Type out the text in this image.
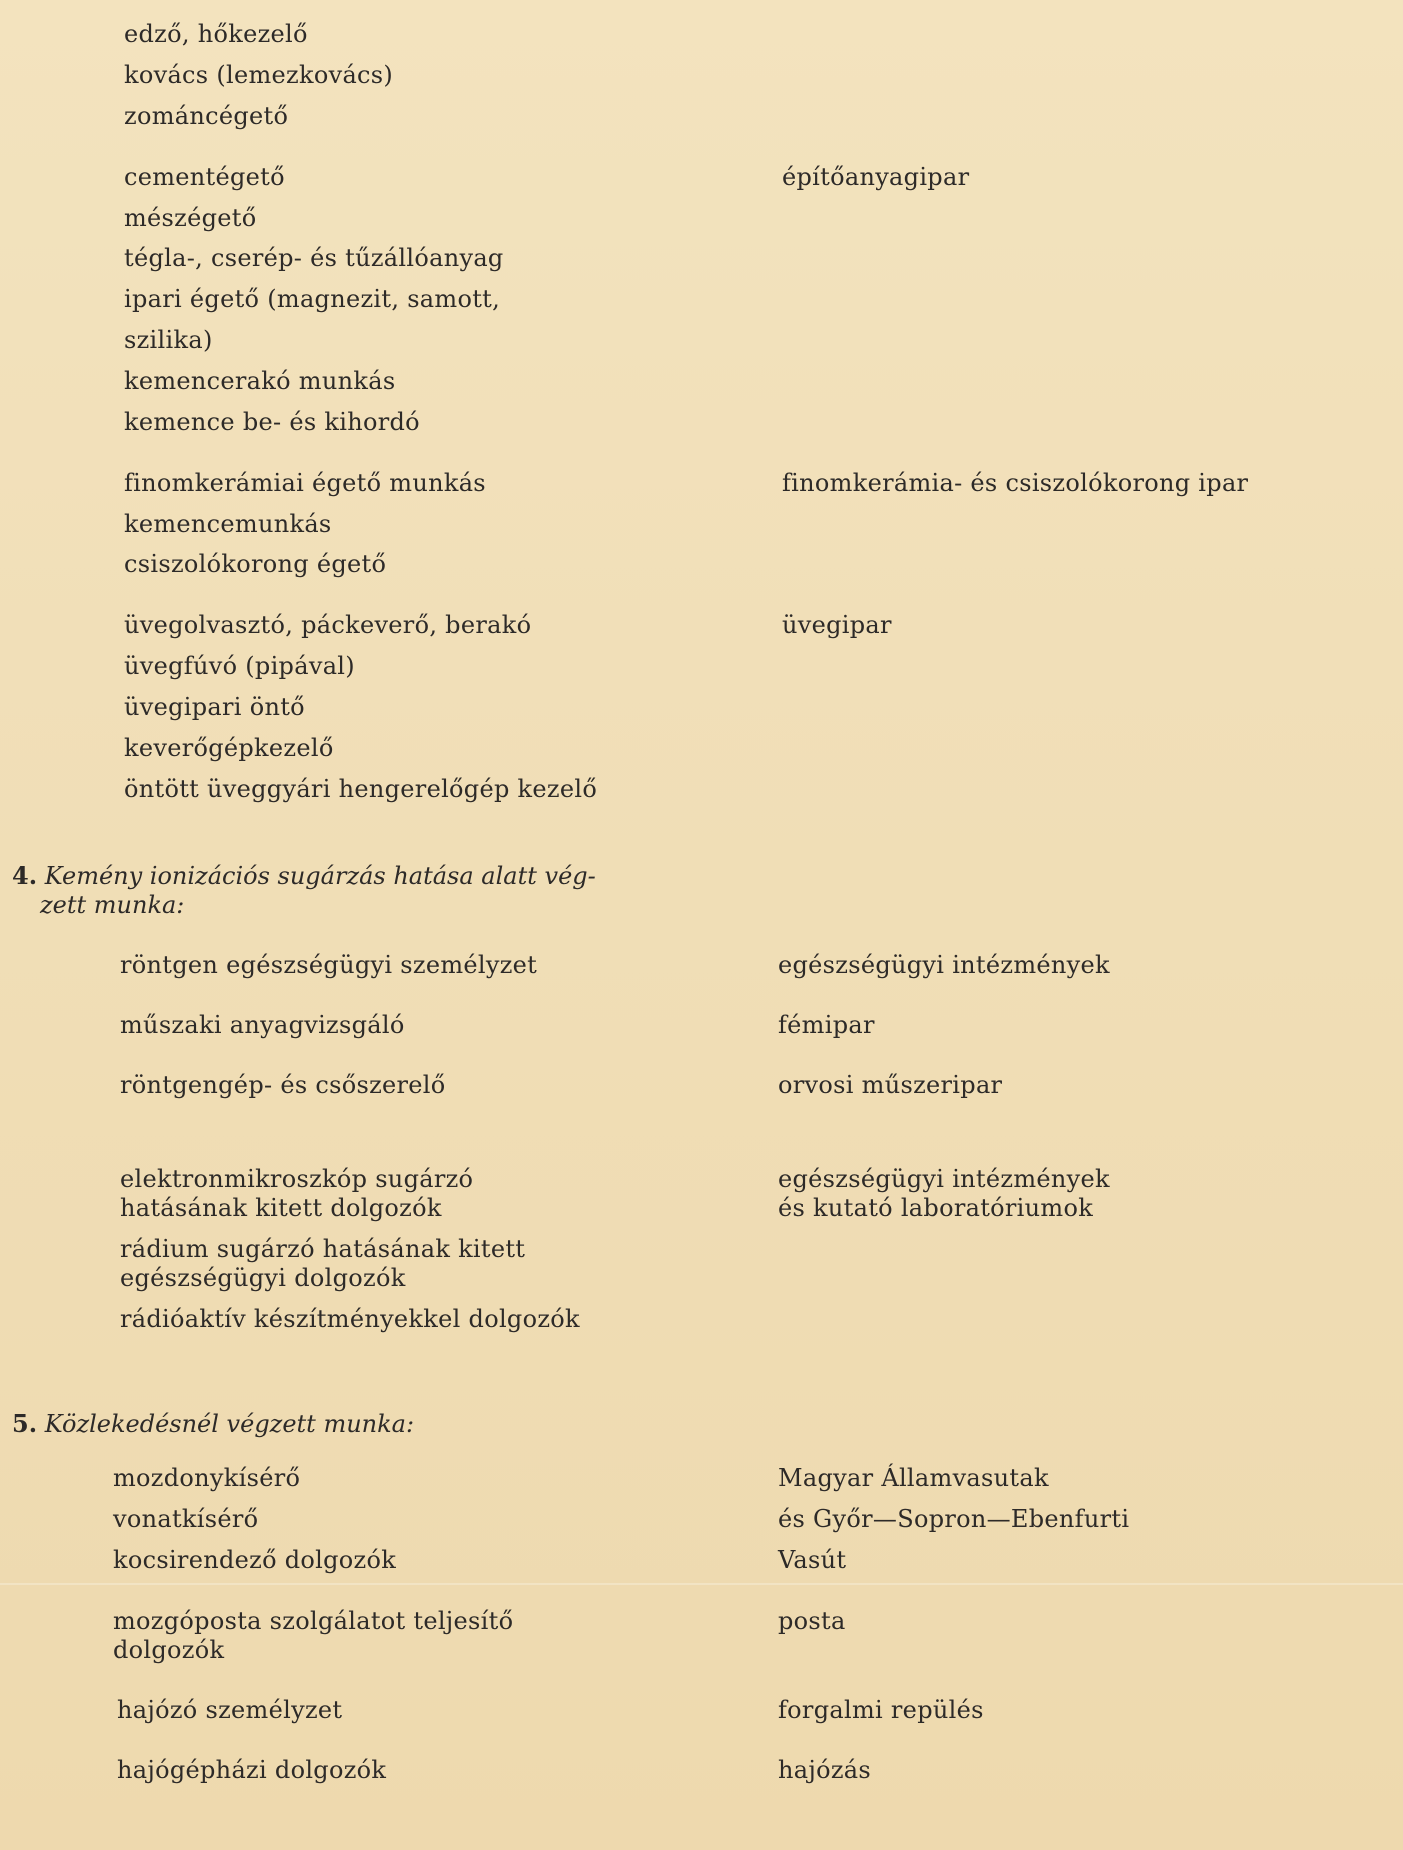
edző, hőkezelő
kovács (lemezkovács)
zománcégető
cementégető
mészégető
tégla-, cserép- és tűzállóanyag
ipari égető (magnezit, samott,
szilika)
kemencerakó munkás
kemence be- és kihordó
finomkerámiai égető munkás
kemencemunkás
csiszolókorong égető
üvegolvasztó, páckeverő, berakó
üvegfúvó (pipával)
üvegipari öntő
keverőgépkezelő
öntött üveggyári hengerelőgép kezelő
röntgen egészségügyi személyzet
műszaki anyagvizsgáló
röntgengép- és csőszerelő
elektronmikroszkóp sugárzó
hatásának kitett dolgozók
rádium sugárzó hatásának kitett
egészségügyi dolgozók
rádióaktív készítményekkel dolgozók
mozdonykísérő
vonatkísérő
kocsirendező dolgozók
mozgóposta szolgálatot teljesítő
dolgozók
hajózó személyzet
hajógépházi dolgozók
építőanyagipar
finomkerámia- és csiszolókorong ipar
üvegipar
egészségügyi intézmények
fémipar
orvosi műszeripar
egészségügyi intézmények
és kutató laboratóriumok
Magyar Államvasutak
és Győr—Sopron—Ebenfurti
Vasút
posta
forgalmi repülés
hajózás
4. Kemény ionizációs sugárzás hatása alatt vég-
zett munka:
5. Közlekedésnél végzett munka:
